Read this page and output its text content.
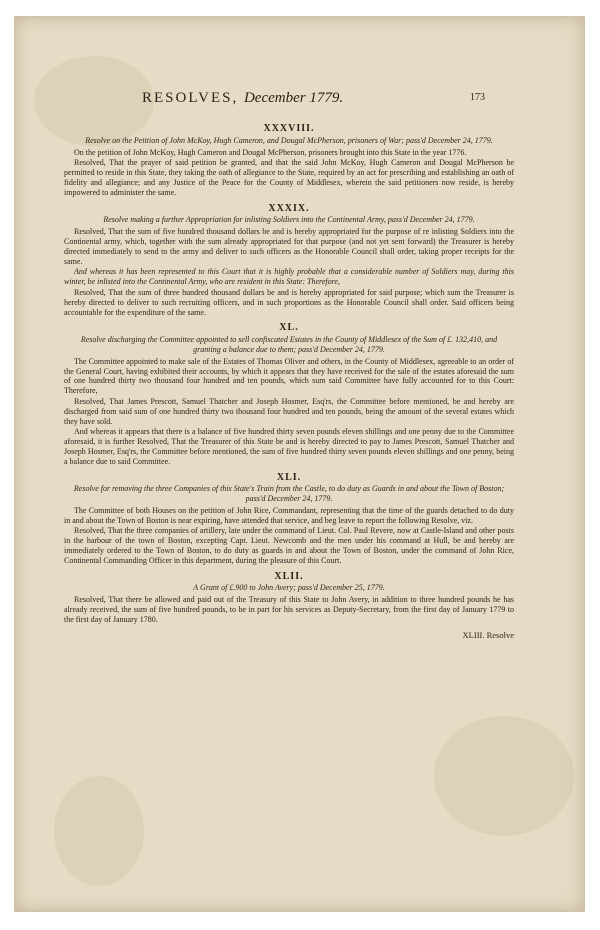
RESOLVES, December 1779.	173
XXXVIII.
Resolve on the Petition of John McKoy, Hugh Cameron, and Dougal McPherson, prisoners of War; pass'd December 24, 1779.

On the petition of John McKoy, Hugh Cameron and Dougal McPherson, prisoners brought into this State in the year 1776.

Resolved, That the prayer of said petition be granted, and that the said John McKoy, Hugh Cameron and Dougal McPherson be permitted to reside in this State, they taking the oath of allegiance to the State, required by an act for prescribing and establishing an oath of fidelity and allegiance; and any Justice of the Peace for the County of Middlesex, wherein the said petitioners now reside, is hereby impowered to administer the same.

XXXIX.
Resolve making a further Appropriation for inlisting Soldiers into the Continental Army, pass'd December 24, 1779.

Resolved, That the sum of five hundred thousand dollars be and is hereby appropriated for the purpose of re inlisting Soldiers into the Continental army, which, together with the sum already appropriated for that purpose (and not yet sent forward) the Treasurer is hereby directed immediately to send to the army and deliver to such officers as the Honorable Council shall order, taking proper receipts for the same.

And whereas it has been represented to this Court that it is highly probable that a considerable number of Soldiers may, during this winter, be inlisted into the Continental Army, who are resident in this State: Therefore,

Resolved, That the sum of three hundred thousand dollars be and is hereby appropriated for said purpose; which sum the Treasurer is hereby directed to deliver to such recruiting officers, and in such proportions as the Honorable Council shall order. Said officers being accountable for the expenditure of the same.

XL.
Resolve discharging the Committee appointed to sell confiscated Estates in the County of Middlesex of the Sum of £. 132,410, and granting a balance due to them; pass'd December 24, 1779.

The Committee appointed to make sale of the Estates of Thomas Oliver and others, in the County of Middlesex, agreeable to an order of the General Court, having exhibited their accounts, by which it appears that they have received for the sale of the estates aforesaid the sum of one hundred thirty two thousand four hundred and ten pounds, which sum said Committee have fully accounted for to this Court: Therefore,

Resolved, That James Prescott, Samuel Thatcher and Joseph Hosmer, Esq'rs, the Committee before mentioned, be and hereby are discharged from said sum of one hundred thirty two thousand four hundred and ten pounds, being the amount of the several estates which they have sold.

And whereas it appears that there is a balance of five hundred thirty seven pounds eleven shillings and one penny due to the Committee aforesaid, it is further Resolved, That the Treasurer of this State be and is hereby directed to pay to James Prescott, Samuel Thatcher and Joseph Hosmer, Esq'rs, the Committee before mentioned, the sum of five hundred thirty seven pounds eleven shillings and one penny, being a balance due to said Committee.

XLI.
Resolve for removing the three Companies of this State's Train from the Castle, to do duty as Guards in and about the Town of Boston; pass'd December 24, 1779.

The Committee of both Houses on the petition of John Rice, Commandant, representing that the time of the guards detached to do duty in and about the Town of Boston is near expiring, have attended that service, and beg leave to report the following Resolve, viz.

Resolved, That the three companies of artillery, late under the command of Lieut. Col. Paul Revere, now at Castle-Island and other posts in the harbour of the town of Boston, excepting Capt. Lieut. Newcomb and the men under his command at Hull, be and hereby are immediately ordered to the Town of Boston, to do duty as guards in and about the Town of Boston, under the command of John Rice, Continental Commanding Officer in this department, during the pleasure of this Court.

XLII.
A Grant of £.900 to John Avery; pass'd December 25, 1779.

Resolved, That there be allowed and paid out of the Treasury of this State to John Avery, in addition to three hundred pounds he has already received, the sum of five hundred pounds, to be in part for his services as Deputy-Secretary, from the first day of January 1779 to the first day of January 1780.

XLIII. Resolve
